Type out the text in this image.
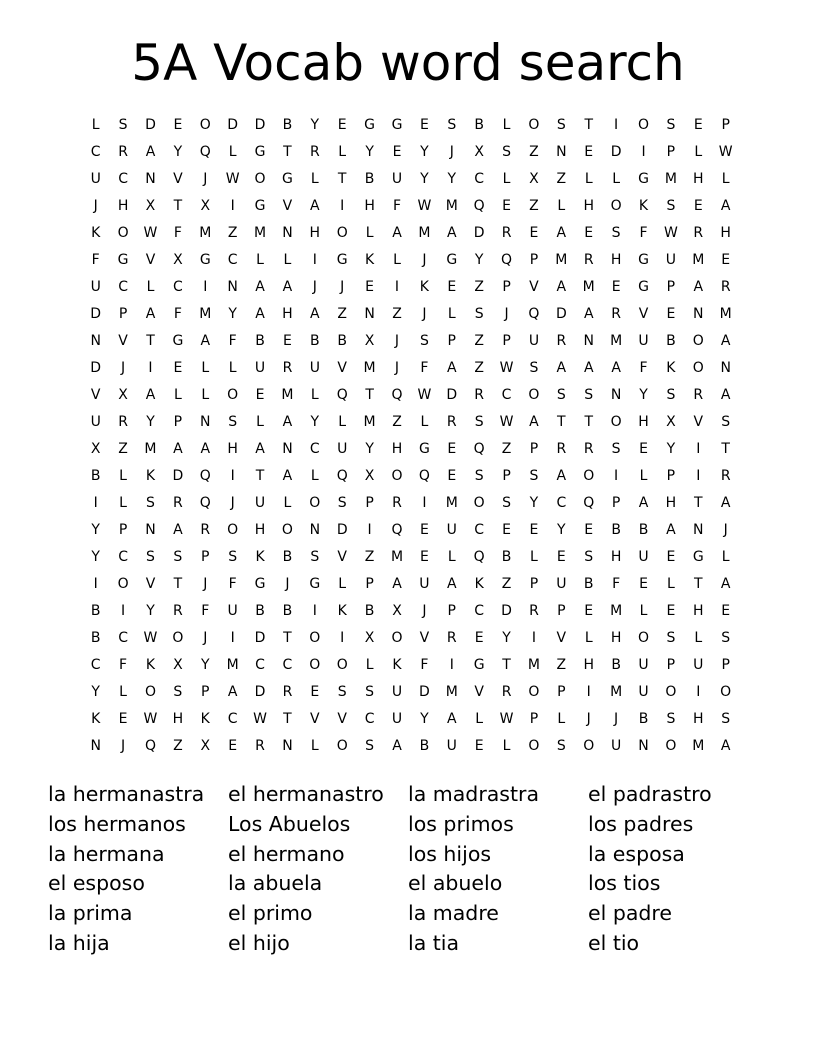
5A Vocab word search
L	S	D	E	O	D	D	B	Y	E	G	G	E	S	B	L	O	S	T	I	O	S	E	P
C	R	A	Y	Q	L	G	T	R	L	Y	E	Y	J	X	S	Z	N	E	D	I	P	L	W
U	C	N	V	J	W	O	G	L	T	B	U	Y	Y	C	L	X	Z	L	L	G	M	H	L
J	H	X	T	X	I	G	V	A	I	H	F	W	M	Q	E	Z	L	H	O	K	S	E	A
K	O	W	F	M	Z	M	N	H	O	L	A	M	A	D	R	E	A	E	S	F	W	R	H
F	G	V	X	G	C	L	L	I	G	K	L	J	G	Y	Q	P	M	R	H	G	U	M	E
U	C	L	C	I	N	A	A	J	J	E	I	K	E	Z	P	V	A	M	E	G	P	A	R
D	P	A	F	M	Y	A	H	A	Z	N	Z	J	L	S	J	Q	D	A	R	V	E	N	M
N	V	T	G	A	F	B	E	B	B	X	J	S	P	Z	P	U	R	N	M	U	B	O	A
D	J	I	E	L	L	U	R	U	V	M	J	F	A	Z	W	S	A	A	A	F	K	O	N
V	X	A	L	L	O	E	M	L	Q	T	Q	W	D	R	C	O	S	S	N	Y	S	R	A
U	R	Y	P	N	S	L	A	Y	L	M	Z	L	R	S	W	A	T	T	O	H	X	V	S
X	Z	M	A	A	H	A	N	C	U	Y	H	G	E	Q	Z	P	R	R	S	E	Y	I	T
B	L	K	D	Q	I	T	A	L	Q	X	O	Q	E	S	P	S	A	O	I	L	P	I	R
I	L	S	R	Q	J	U	L	O	S	P	R	I	M	O	S	Y	C	Q	P	A	H	T	A
Y	P	N	A	R	O	H	O	N	D	I	Q	E	U	C	E	E	Y	E	B	B	A	N	J
Y	C	S	S	P	S	K	B	S	V	Z	M	E	L	Q	B	L	E	S	H	U	E	G	L
I	O	V	T	J	F	G	J	G	L	P	A	U	A	K	Z	P	U	B	F	E	L	T	A
B	I	Y	R	F	U	B	B	I	K	B	X	J	P	C	D	R	P	E	M	L	E	H	E
B	C	W	O	J	I	D	T	O	I	X	O	V	R	E	Y	I	V	L	H	O	S	L	S
C	F	K	X	Y	M	C	C	O	O	L	K	F	I	G	T	M	Z	H	B	U	P	U	P
Y	L	O	S	P	A	D	R	E	S	S	U	D	M	V	R	O	P	I	M	U	O	I	O
K	E	W	H	K	C	W	T	V	V	C	U	Y	A	L	W	P	L	J	J	B	S	H	S
N	J	Q	Z	X	E	R	N	L	O	S	A	B	U	E	L	O	S	O	U	N	O	M	A
la hermanastra	el hermanastro	la madrastra	el padrastro
los hermanos	Los Abuelos	los primos	los padres
la hermana	el hermano	los hijos	la esposa
el esposo	la abuela	el abuelo	los tios
la prima	el primo	la madre	el padre
la hija	el hijo	la tia	el tio
